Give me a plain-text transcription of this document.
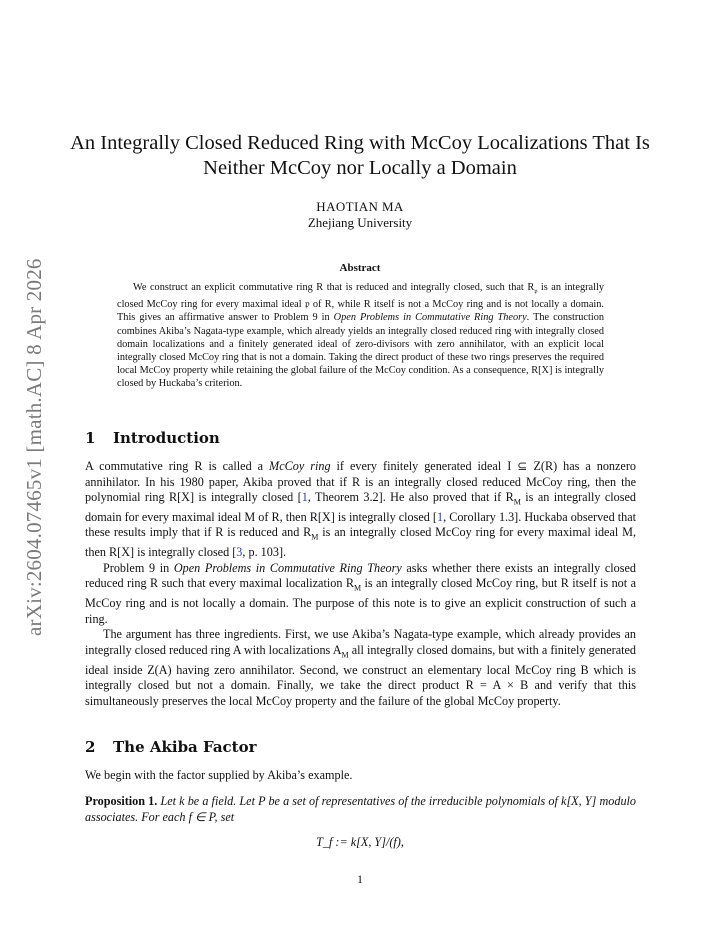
arXiv:2604.07465v1 [math.AC] 8 Apr 2026
An Integrally Closed Reduced Ring with McCoy Localizations That Is Neither McCoy nor Locally a Domain
HAOTIAN MA
Zhejiang University
Abstract
We construct an explicit commutative ring R that is reduced and integrally closed, such that $R_𝔭$ is an integrally closed McCoy ring for every maximal ideal 𝔭 of R, while R itself is not a McCoy ring and is not locally a domain. This gives an affirmative answer to Problem 9 in Open Problems in Commutative Ring Theory. The construction combines Akiba’s Nagata-type example, which already yields an integrally closed reduced ring with integrally closed domain localizations and a finitely generated ideal of zero-divisors with zero annihilator, with an explicit local integrally closed McCoy ring that is not a domain. Taking the direct product of these two rings preserves the required local McCoy property while retaining the global failure of the McCoy condition. As a consequence, R[X] is integrally closed by Huckaba’s criterion.
1 Introduction

A commutative ring R is called a McCoy ring if every finitely generated ideal I ⊆ Z(R) has a nonzero annihilator. In his 1980 paper, Akiba proved that if R is an integrally closed reduced McCoy ring, then the polynomial ring R[X] is integrally closed [1, Theorem 3.2]. He also proved that if $R_M$ is an integrally closed domain for every maximal ideal M of R, then R[X] is integrally closed [1, Corollary 1.3]. Huckaba observed that these results imply that if R is reduced and $R_M$ is an integrally closed McCoy ring for every maximal ideal M, then R[X] is integrally closed [3, p. 103].

Problem 9 in Open Problems in Commutative Ring Theory asks whether there exists an integrally closed reduced ring R such that every maximal localization $R_M$ is an integrally closed McCoy ring, but R itself is not a McCoy ring and is not locally a domain. The purpose of this note is to give an explicit construction of such a ring.

The argument has three ingredients. First, we use Akiba’s Nagata-type example, which already provides an integrally closed reduced ring A with localizations $A_M$ all integrally closed domains, but with a finitely generated ideal inside Z(A) having zero annihilator. Second, we construct an elementary local McCoy ring B which is integrally closed but not a domain. Finally, we take the direct product R = A × B and verify that this simultaneously preserves the local McCoy property and the failure of the global McCoy property.

2 The Akiba Factor
We begin with the factor supplied by Akiba’s example.
Proposition 1. Let k be a field. Let P be a set of representatives of the irreducible polynomials of k[X, Y] modulo associates. For each f ∈ P, set
T_f := k[X, Y]/(f),
1
